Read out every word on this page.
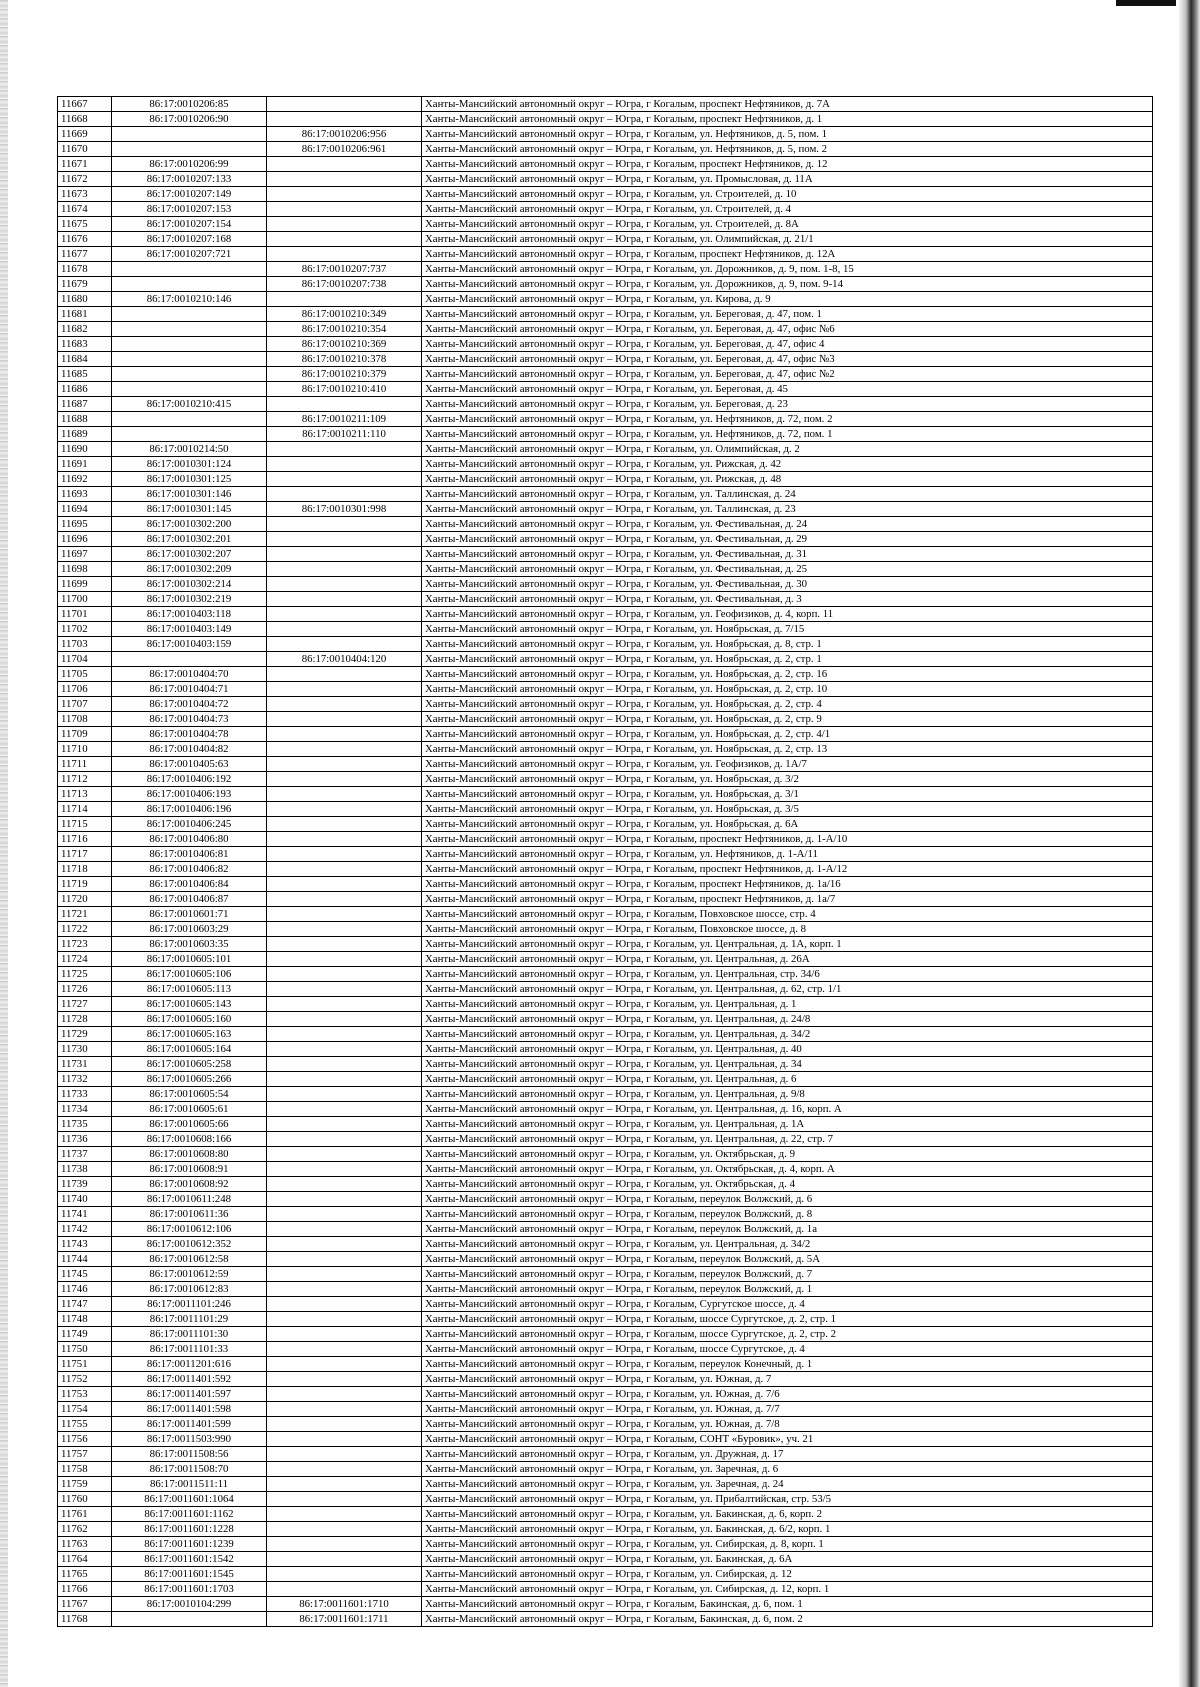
11667	86:17:0010206:85		Ханты-Мансийский автономный округ – Югра, г Когалым, проспект Нефтяников, д. 7А
11668	86:17:0010206:90		Ханты-Мансийский автономный округ – Югра, г Когалым, проспект Нефтяников, д. 1
11669		86:17:0010206:956	Ханты-Мансийский автономный округ – Югра, г Когалым, ул. Нефтяников, д. 5, пом. 1
11670		86:17:0010206:961	Ханты-Мансийский автономный округ – Югра, г Когалым, ул. Нефтяников, д. 5, пом. 2
11671	86:17:0010206:99		Ханты-Мансийский автономный округ – Югра, г Когалым, проспект Нефтяников, д. 12
11672	86:17:0010207:133		Ханты-Мансийский автономный округ – Югра, г Когалым, ул. Промысловая, д. 11А
11673	86:17:0010207:149		Ханты-Мансийский автономный округ – Югра, г Когалым, ул. Строителей, д. 10
11674	86:17:0010207:153		Ханты-Мансийский автономный округ – Югра, г Когалым, ул. Строителей, д. 4
11675	86:17:0010207:154		Ханты-Мансийский автономный округ – Югра, г Когалым, ул. Строителей, д. 8А
11676	86:17:0010207:168		Ханты-Мансийский автономный округ – Югра, г Когалым, ул. Олимпийская, д. 21/1
11677	86:17:0010207:721		Ханты-Мансийский автономный округ – Югра, г Когалым, проспект Нефтяников, д. 12А
11678		86:17:0010207:737	Ханты-Мансийский автономный округ – Югра, г Когалым, ул. Дорожников, д. 9, пом. 1-8, 15
11679		86:17:0010207:738	Ханты-Мансийский автономный округ – Югра, г Когалым, ул. Дорожников, д. 9, пом. 9-14
11680	86:17:0010210:146		Ханты-Мансийский автономный округ – Югра, г Когалым, ул. Кирова, д. 9
11681		86:17:0010210:349	Ханты-Мансийский автономный округ – Югра, г Когалым, ул. Береговая, д. 47, пом. 1
11682		86:17:0010210:354	Ханты-Мансийский автономный округ – Югра, г Когалым, ул. Береговая, д. 47, офис №6
11683		86:17:0010210:369	Ханты-Мансийский автономный округ – Югра, г Когалым, ул. Береговая, д. 47, офис 4
11684		86:17:0010210:378	Ханты-Мансийский автономный округ – Югра, г Когалым, ул. Береговая, д. 47, офис №3
11685		86:17:0010210:379	Ханты-Мансийский автономный округ – Югра, г Когалым, ул. Береговая, д. 47, офис №2
11686		86:17:0010210:410	Ханты-Мансийский автономный округ – Югра, г Когалым, ул. Береговая, д. 45
11687	86:17:0010210:415		Ханты-Мансийский автономный округ – Югра, г Когалым, ул. Береговая, д. 23
11688		86:17:0010211:109	Ханты-Мансийский автономный округ – Югра, г Когалым, ул. Нефтяников, д. 72, пом. 2
11689		86:17:0010211:110	Ханты-Мансийский автономный округ – Югра, г Когалым, ул. Нефтяников, д. 72, пом. 1
11690	86:17:0010214:50		Ханты-Мансийский автономный округ – Югра, г Когалым, ул. Олимпийская, д. 2
11691	86:17:0010301:124		Ханты-Мансийский автономный округ – Югра, г Когалым, ул. Рижская, д. 42
11692	86:17:0010301:125		Ханты-Мансийский автономный округ – Югра, г Когалым, ул. Рижская, д. 48
11693	86:17:0010301:146		Ханты-Мансийский автономный округ – Югра, г Когалым, ул. Таллинская, д. 24
11694	86:17:0010301:145	86:17:0010301:998	Ханты-Мансийский автономный округ – Югра, г Когалым, ул. Таллинская, д. 23
11695	86:17:0010302:200		Ханты-Мансийский автономный округ – Югра, г Когалым, ул. Фестивальная, д. 24
11696	86:17:0010302:201		Ханты-Мансийский автономный округ – Югра, г Когалым, ул. Фестивальная, д. 29
11697	86:17:0010302:207		Ханты-Мансийский автономный округ – Югра, г Когалым, ул. Фестивальная, д. 31
11698	86:17:0010302:209		Ханты-Мансийский автономный округ – Югра, г Когалым, ул. Фестивальная, д. 25
11699	86:17:0010302:214		Ханты-Мансийский автономный округ – Югра, г Когалым, ул. Фестивальная, д. 30
11700	86:17:0010302:219		Ханты-Мансийский автономный округ – Югра, г Когалым, ул. Фестивальная, д. 3
11701	86:17:0010403:118		Ханты-Мансийский автономный округ – Югра, г Когалым, ул. Геофизиков, д. 4, корп. 11
11702	86:17:0010403:149		Ханты-Мансийский автономный округ – Югра, г Когалым, ул. Ноябрьская, д. 7/15
11703	86:17:0010403:159		Ханты-Мансийский автономный округ – Югра, г Когалым, ул. Ноябрьская, д. 8, стр. 1
11704		86:17:0010404:120	Ханты-Мансийский автономный округ – Югра, г Когалым, ул. Ноябрьская, д. 2, стр. 1
11705	86:17:0010404:70		Ханты-Мансийский автономный округ – Югра, г Когалым, ул. Ноябрьская, д. 2, стр. 16
11706	86:17:0010404:71		Ханты-Мансийский автономный округ – Югра, г Когалым, ул. Ноябрьская, д. 2, стр. 10
11707	86:17:0010404:72		Ханты-Мансийский автономный округ – Югра, г Когалым, ул. Ноябрьская, д. 2, стр. 4
11708	86:17:0010404:73		Ханты-Мансийский автономный округ – Югра, г Когалым, ул. Ноябрьская, д. 2, стр. 9
11709	86:17:0010404:78		Ханты-Мансийский автономный округ – Югра, г Когалым, ул. Ноябрьская, д. 2, стр. 4/1
11710	86:17:0010404:82		Ханты-Мансийский автономный округ – Югра, г Когалым, ул. Ноябрьская, д. 2, стр. 13
11711	86:17:0010405:63		Ханты-Мансийский автономный округ – Югра, г Когалым, ул. Геофизиков, д. 1А/7
11712	86:17:0010406:192		Ханты-Мансийский автономный округ – Югра, г Когалым, ул. Ноябрьская, д. 3/2
11713	86:17:0010406:193		Ханты-Мансийский автономный округ – Югра, г Когалым, ул. Ноябрьская, д. 3/1
11714	86:17:0010406:196		Ханты-Мансийский автономный округ – Югра, г Когалым, ул. Ноябрьская, д. 3/5
11715	86:17:0010406:245		Ханты-Мансийский автономный округ – Югра, г Когалым, ул. Ноябрьская, д. 6А
11716	86:17:0010406:80		Ханты-Мансийский автономный округ – Югра, г Когалым, проспект Нефтяников, д. 1-А/10
11717	86:17:0010406:81		Ханты-Мансийский автономный округ – Югра, г Когалым, ул. Нефтяников, д. 1-А/11
11718	86:17:0010406:82		Ханты-Мансийский автономный округ – Югра, г Когалым, проспект Нефтяников, д. 1-А/12
11719	86:17:0010406:84		Ханты-Мансийский автономный округ – Югра, г Когалым, проспект Нефтяников, д. 1а/16
11720	86:17:0010406:87		Ханты-Мансийский автономный округ – Югра, г Когалым, проспект Нефтяников, д. 1а/7
11721	86:17:0010601:71		Ханты-Мансийский автономный округ – Югра, г Когалым, Повховское шоссе, стр. 4
11722	86:17:0010603:29		Ханты-Мансийский автономный округ – Югра, г Когалым, Повховское шоссе, д. 8
11723	86:17:0010603:35		Ханты-Мансийский автономный округ – Югра, г Когалым, ул. Центральная, д. 1А, корп. 1
11724	86:17:0010605:101		Ханты-Мансийский автономный округ – Югра, г Когалым, ул. Центральная, д. 26А
11725	86:17:0010605:106		Ханты-Мансийский автономный округ – Югра, г Когалым, ул. Центральная, стр. 34/6
11726	86:17:0010605:113		Ханты-Мансийский автономный округ – Югра, г Когалым, ул. Центральная, д. 62, стр. 1/1
11727	86:17:0010605:143		Ханты-Мансийский автономный округ – Югра, г Когалым, ул. Центральная, д. 1
11728	86:17:0010605:160		Ханты-Мансийский автономный округ – Югра, г Когалым, ул. Центральная, д. 24/8
11729	86:17:0010605:163		Ханты-Мансийский автономный округ – Югра, г Когалым, ул. Центральная, д. 34/2
11730	86:17:0010605:164		Ханты-Мансийский автономный округ – Югра, г Когалым, ул. Центральная, д. 40
11731	86:17:0010605:258		Ханты-Мансийский автономный округ – Югра, г Когалым, ул. Центральная, д. 34
11732	86:17:0010605:266		Ханты-Мансийский автономный округ – Югра, г Когалым, ул. Центральная, д. 6
11733	86:17:0010605:54		Ханты-Мансийский автономный округ – Югра, г Когалым, ул. Центральная, д. 9/8
11734	86:17:0010605:61		Ханты-Мансийский автономный округ – Югра, г Когалым, ул. Центральная, д. 16, корп. А
11735	86:17:0010605:66		Ханты-Мансийский автономный округ – Югра, г Когалым, ул. Центральная, д. 1А
11736	86:17:0010608:166		Ханты-Мансийский автономный округ – Югра, г Когалым, ул. Центральная, д. 22, стр. 7
11737	86:17:0010608:80		Ханты-Мансийский автономный округ – Югра, г Когалым, ул. Октябрьская, д. 9
11738	86:17:0010608:91		Ханты-Мансийский автономный округ – Югра, г Когалым, ул. Октябрьская, д. 4, корп. А
11739	86:17:0010608:92		Ханты-Мансийский автономный округ – Югра, г Когалым, ул. Октябрьская, д. 4
11740	86:17:0010611:248		Ханты-Мансийский автономный округ – Югра, г Когалым, переулок Волжский, д. 6
11741	86:17:0010611:36		Ханты-Мансийский автономный округ – Югра, г Когалым, переулок Волжский, д. 8
11742	86:17:0010612:106		Ханты-Мансийский автономный округ – Югра, г Когалым, переулок Волжский, д. 1а
11743	86:17:0010612:352		Ханты-Мансийский автономный округ – Югра, г Когалым, ул. Центральная, д. 34/2
11744	86:17:0010612:58		Ханты-Мансийский автономный округ – Югра, г Когалым, переулок Волжский, д. 5А
11745	86:17:0010612:59		Ханты-Мансийский автономный округ – Югра, г Когалым, переулок Волжский, д. 7
11746	86:17:0010612:83		Ханты-Мансийский автономный округ – Югра, г Когалым, переулок Волжский, д. 1
11747	86:17:0011101:246		Ханты-Мансийский автономный округ – Югра, г Когалым, Сургутское шоссе, д. 4
11748	86:17:0011101:29		Ханты-Мансийский автономный округ – Югра, г Когалым, шоссе Сургутское, д. 2, стр. 1
11749	86:17:0011101:30		Ханты-Мансийский автономный округ – Югра, г Когалым, шоссе Сургутское, д. 2, стр. 2
11750	86:17:0011101:33		Ханты-Мансийский автономный округ – Югра, г Когалым, шоссе Сургутское, д. 4
11751	86:17:0011201:616		Ханты-Мансийский автономный округ – Югра, г Когалым, переулок Конечный, д. 1
11752	86:17:0011401:592		Ханты-Мансийский автономный округ – Югра, г Когалым, ул. Южная, д. 7
11753	86:17:0011401:597		Ханты-Мансийский автономный округ – Югра, г Когалым, ул. Южная, д. 7/6
11754	86:17:0011401:598		Ханты-Мансийский автономный округ – Югра, г Когалым, ул. Южная, д. 7/7
11755	86:17:0011401:599		Ханты-Мансийский автономный округ – Югра, г Когалым, ул. Южная, д. 7/8
11756	86:17:0011503:990		Ханты-Мансийский автономный округ – Югра, г Когалым, СОНТ «Буровик», уч. 21
11757	86:17:0011508:56		Ханты-Мансийский автономный округ – Югра, г Когалым, ул. Дружная, д. 17
11758	86:17:0011508:70		Ханты-Мансийский автономный округ – Югра, г Когалым, ул. Заречная, д. 6
11759	86:17:0011511:11		Ханты-Мансийский автономный округ – Югра, г Когалым, ул. Заречная, д. 24
11760	86:17:0011601:1064		Ханты-Мансийский автономный округ – Югра, г Когалым, ул. Прибалтийская, стр. 53/5
11761	86:17:0011601:1162		Ханты-Мансийский автономный округ – Югра, г Когалым, ул. Бакинская, д. 6, корп. 2
11762	86:17:0011601:1228		Ханты-Мансийский автономный округ – Югра, г Когалым, ул. Бакинская, д. 6/2, корп. 1
11763	86:17:0011601:1239		Ханты-Мансийский автономный округ – Югра, г Когалым, ул. Сибирская, д. 8, корп. 1
11764	86:17:0011601:1542		Ханты-Мансийский автономный округ – Югра, г Когалым, ул. Бакинская, д. 6А
11765	86:17:0011601:1545		Ханты-Мансийский автономный округ – Югра, г Когалым, ул. Сибирская, д. 12
11766	86:17:0011601:1703		Ханты-Мансийский автономный округ – Югра, г Когалым, ул. Сибирская, д. 12, корп. 1
11767	86:17:0010104:299	86:17:0011601:1710	Ханты-Мансийский автономный округ – Югра, г Когалым, Бакинская, д. 6, пом. 1
11768		86:17:0011601:1711	Ханты-Мансийский автономный округ – Югра, г Когалым, Бакинская, д. 6, пом. 2
